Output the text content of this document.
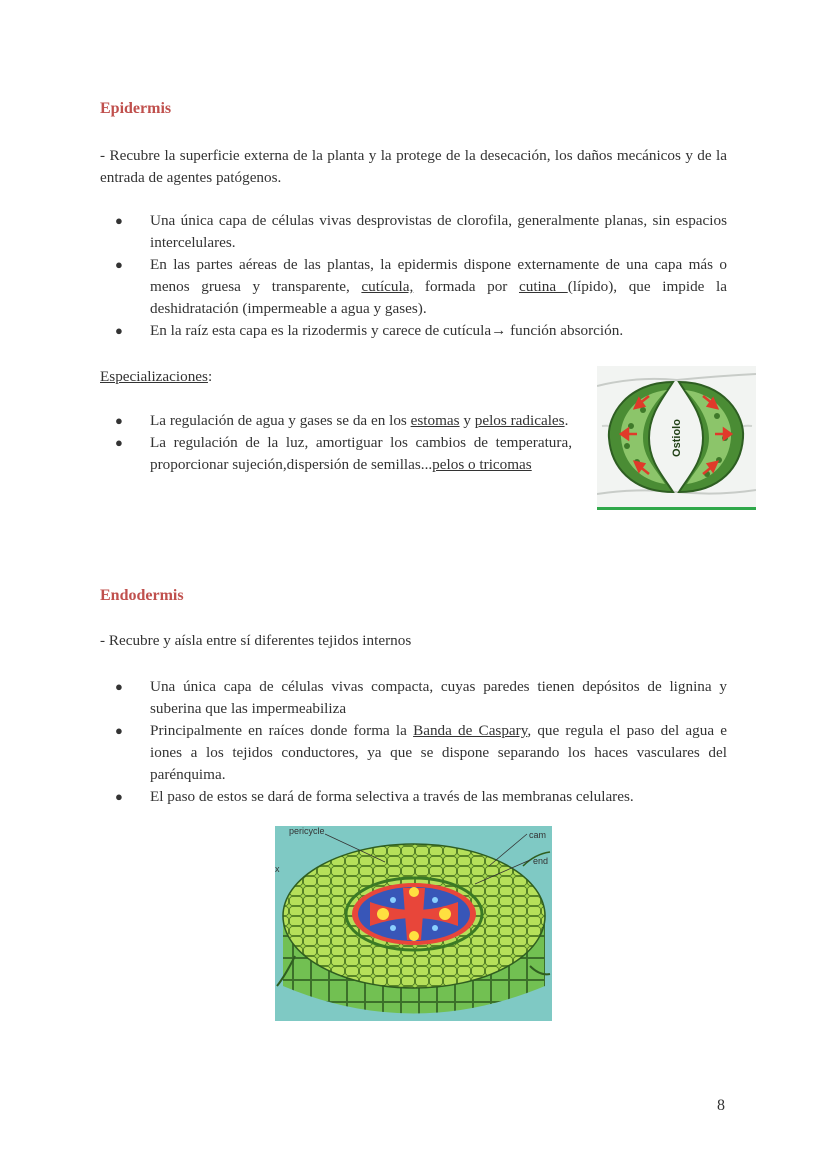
Epidermis
- Recubre la superficie externa de la planta y la protege de la desecación, los daños mecánicos y de la entrada de agentes patógenos.
● Una única capa de células vivas desprovistas de clorofila, generalmente planas, sin espacios intercelulares.
● En las partes aéreas de las plantas, la epidermis dispone externamente de una capa más o menos gruesa y transparente, cutícula, formada por cutina (lípido), que impide la deshidratación (impermeable a agua y gases).
● En la raíz esta capa es la rizodermis y carece de cutícula→ función absorción.
Especializaciones:
● La regulación de agua y gases se da en los estomas y pelos radicales.
● La regulación de la luz, amortiguar los cambios de temperatura, proporcionar sujeción,dispersión de semillas...pelos o tricomas
Ostiolo
Endodermis
- Recubre y aísla entre sí diferentes tejidos internos
● Una única capa de células vivas compacta, cuyas paredes tienen depósitos de lignina y suberina que las impermeabiliza
● Principalmente en raíces donde forma la Banda de Caspary, que regula el paso del agua e iones a los tejidos conductores, ya que se dispone separando los haces vasculares del parénquima.
● El paso de estos se dará de forma selectiva a través de las membranas celulares.
pericycle	cam
end
x
8
